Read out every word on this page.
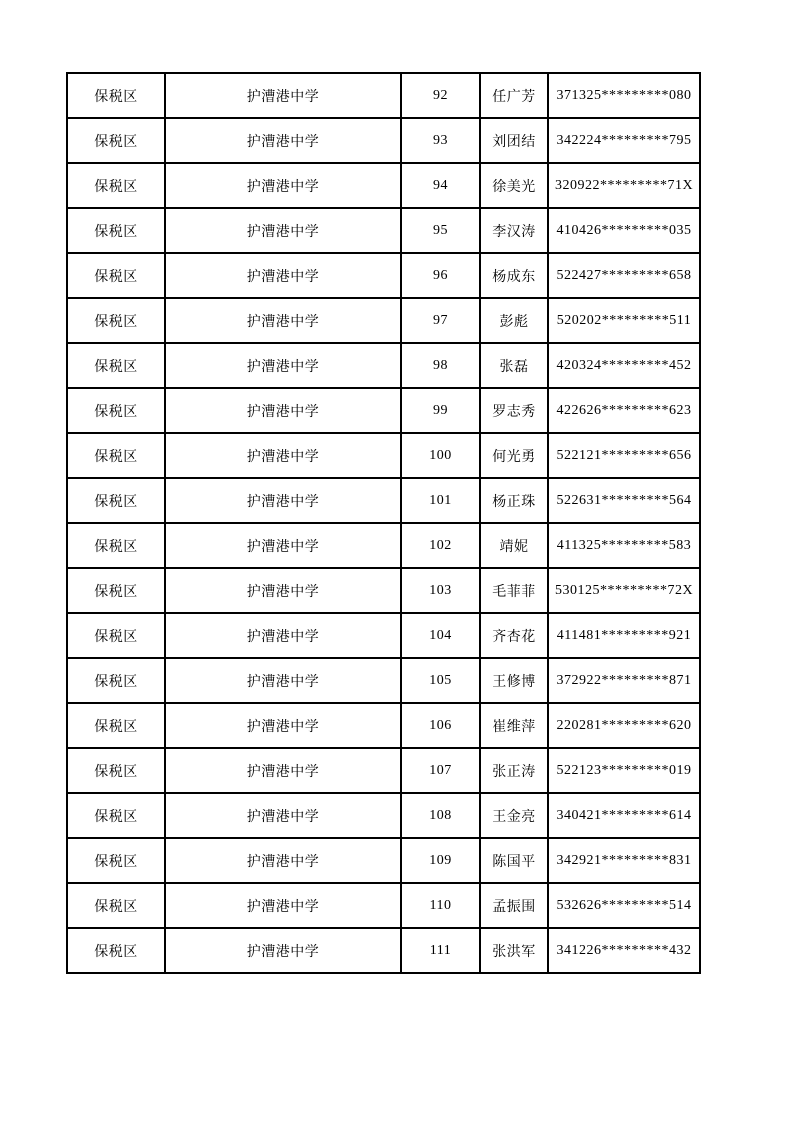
保税区	护漕港中学	92	任广芳	371325*********080
保税区	护漕港中学	93	刘团结	342224*********795
保税区	护漕港中学	94	徐美光	320922*********71X
保税区	护漕港中学	95	李汉涛	410426*********035
保税区	护漕港中学	96	杨成东	522427*********658
保税区	护漕港中学	97	彭彪	520202*********511
保税区	护漕港中学	98	张磊	420324*********452
保税区	护漕港中学	99	罗志秀	422626*********623
保税区	护漕港中学	100	何光勇	522121*********656
保税区	护漕港中学	101	杨正珠	522631*********564
保税区	护漕港中学	102	靖妮	411325*********583
保税区	护漕港中学	103	毛菲菲	530125*********72X
保税区	护漕港中学	104	齐杏花	411481*********921
保税区	护漕港中学	105	王修博	372922*********871
保税区	护漕港中学	106	崔维萍	220281*********620
保税区	护漕港中学	107	张正涛	522123*********019
保税区	护漕港中学	108	王金亮	340421*********614
保税区	护漕港中学	109	陈国平	342921*********831
保税区	护漕港中学	110	孟振围	532626*********514
保税区	护漕港中学	111	张洪军	341226*********432
